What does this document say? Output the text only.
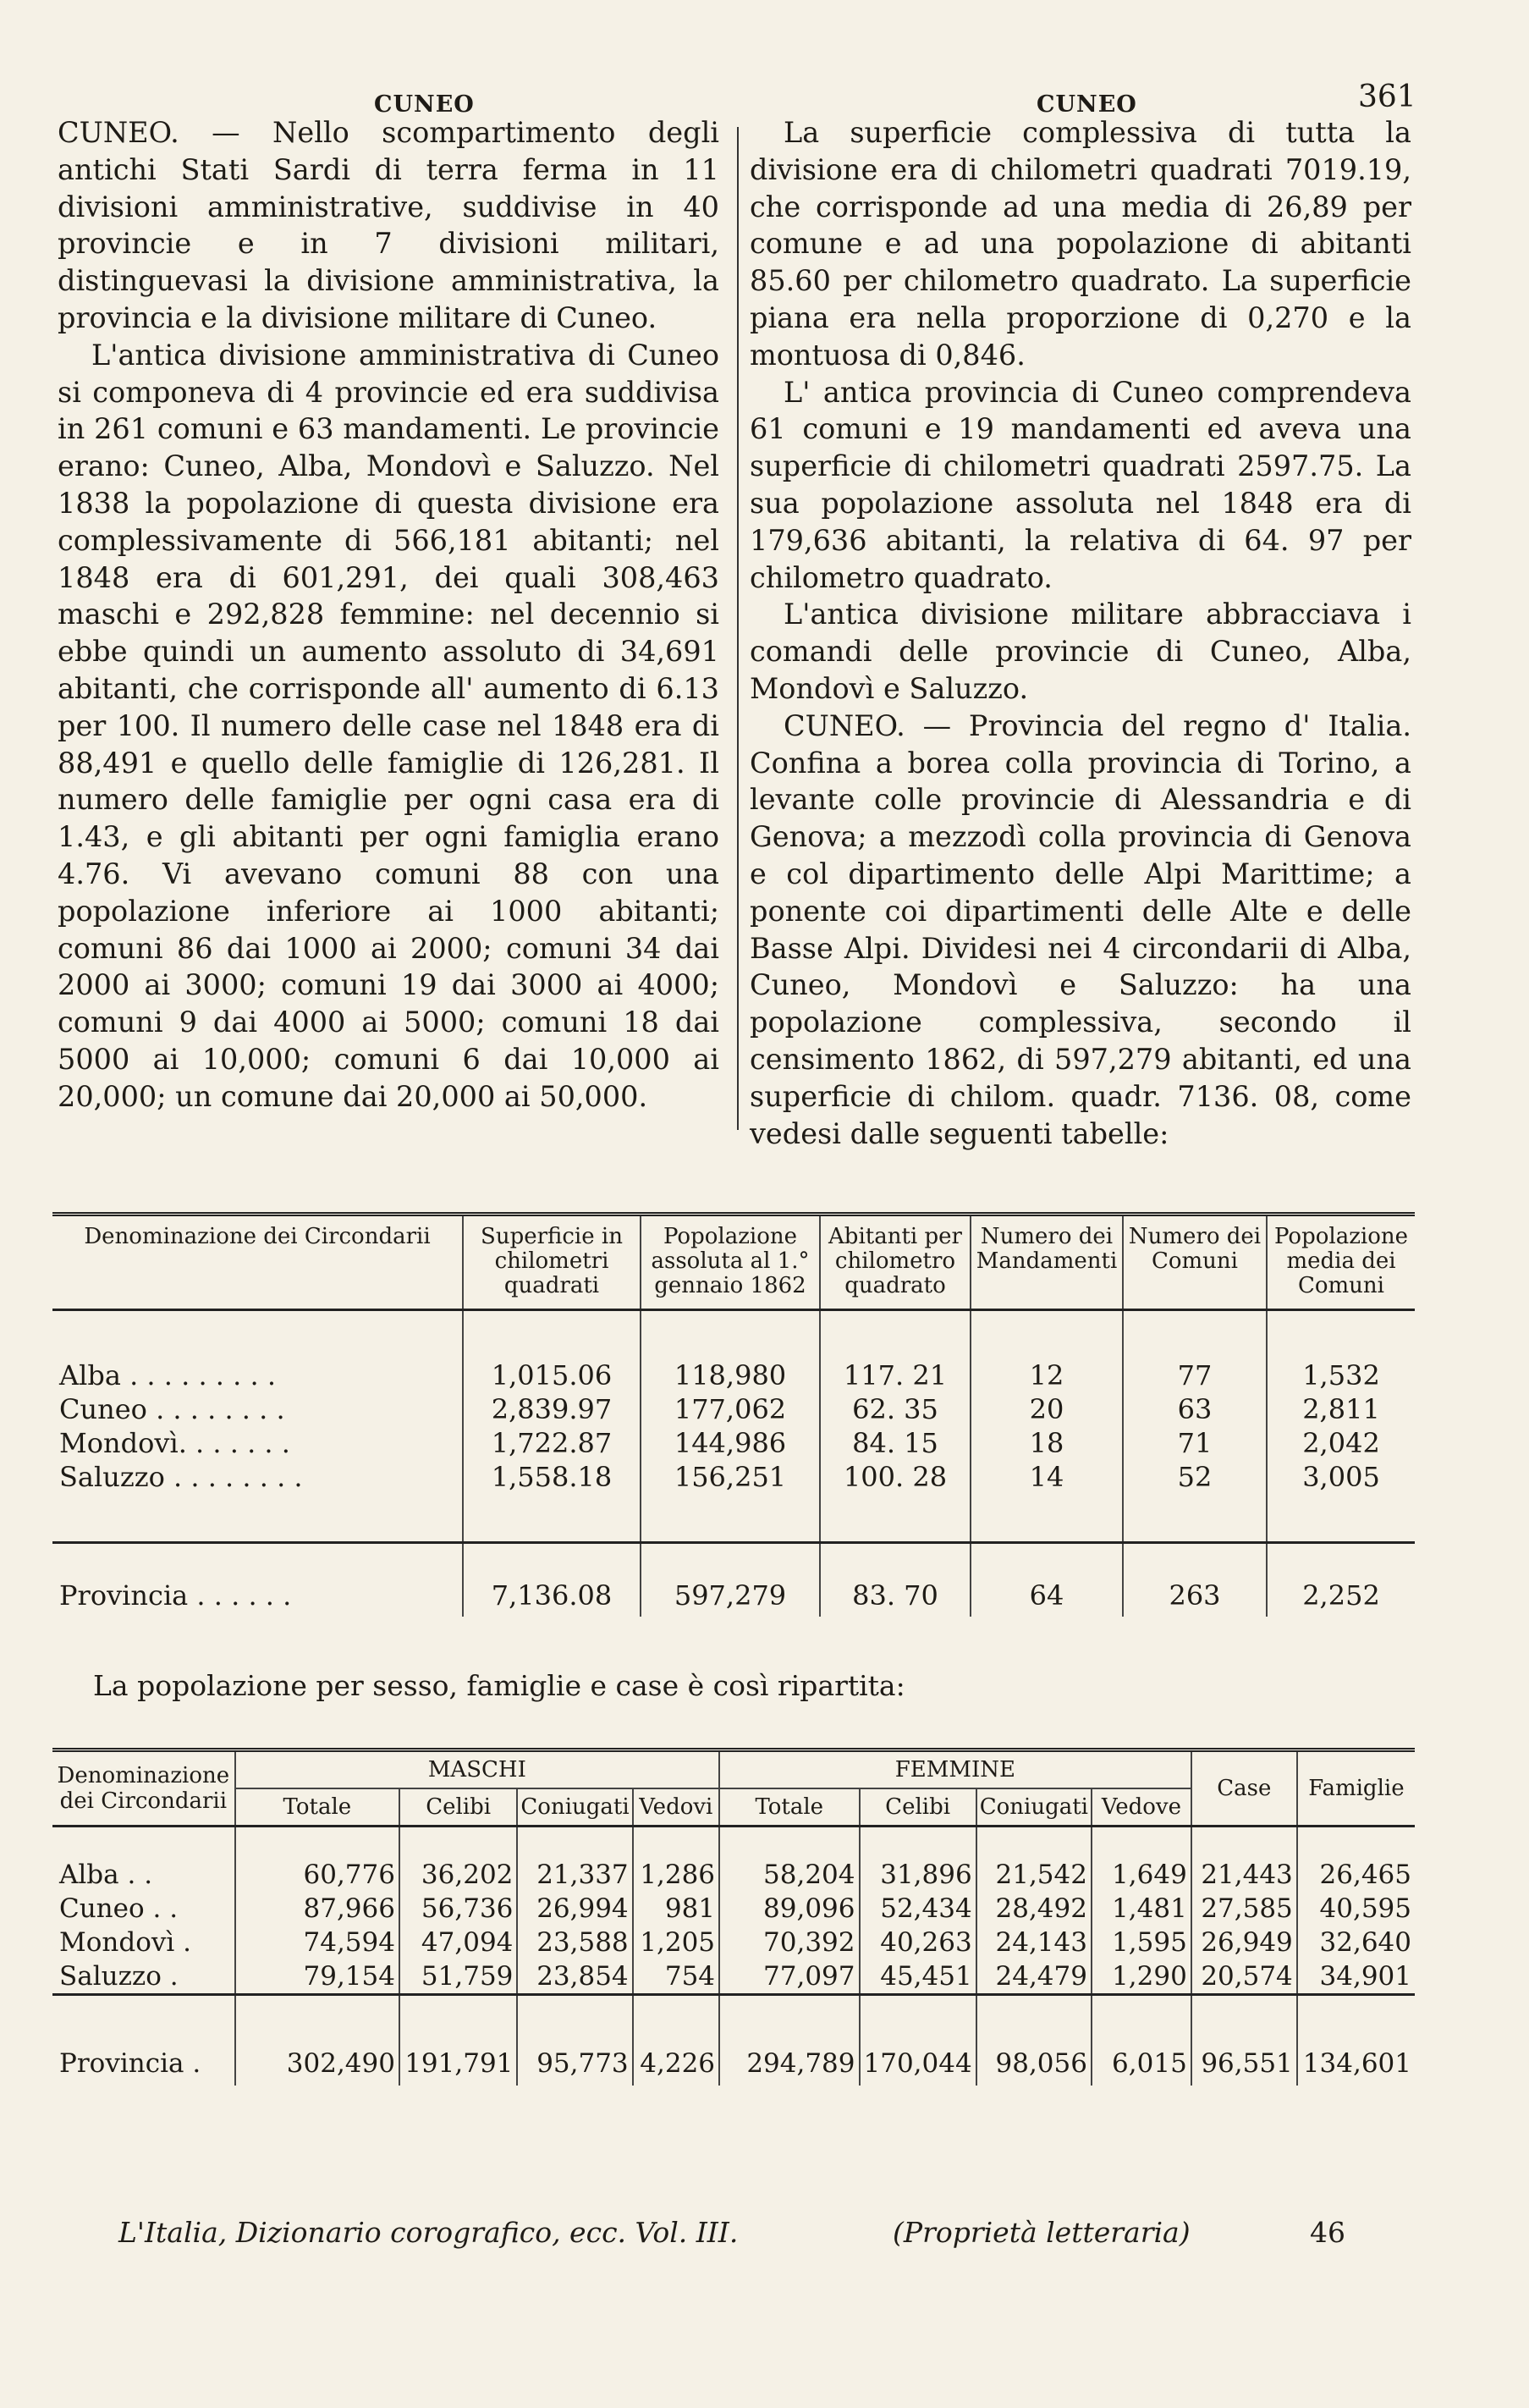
CUNEO	CUNEO	361

CUNEO. — Nello scompartimento degli antichi Stati Sardi di terra ferma in 11 divisioni amministrative, suddivise in 40 provincie e in 7 divisioni militari, distinguevasi la divisione amministrativa, la provincia e la divisione militare di Cuneo.

L'antica divisione amministrativa di Cuneo si componeva di 4 provincie ed era suddivisa in 261 comuni e 63 mandamenti. Le provincie erano: Cuneo, Alba, Mondovì e Saluzzo. Nel 1838 la popolazione di questa divisione era complessivamente di 566,181 abitanti; nel 1848 era di 601,291, dei quali 308,463 maschi e 292,828 femmine: nel decennio si ebbe quindi un aumento assoluto di 34,691 abitanti, che corrisponde all' aumento di 6.13 per 100. Il numero delle case nel 1848 era di 88,491 e quello delle famiglie di 126,281. Il numero delle famiglie per ogni casa era di 1.43, e gli abitanti per ogni famiglia erano 4.76. Vi avevano comuni 88 con una popolazione inferiore ai 1000 abitanti; comuni 86 dai 1000 ai 2000; comuni 34 dai 2000 ai 3000; comuni 19 dai 3000 ai 4000; comuni 9 dai 4000 ai 5000; comuni 18 dai 5000 ai 10,000; comuni 6 dai 10,000 ai 20,000; un comune dai 20,000 ai 50,000.

La superficie complessiva di tutta la divisione era di chilometri quadrati 7019.19, che corrisponde ad una media di 26,89 per comune e ad una popolazione di abitanti 85.60 per chilometro quadrato. La superficie piana era nella proporzione di 0,270 e la montuosa di 0,846.

L' antica provincia di Cuneo comprendeva 61 comuni e 19 mandamenti ed aveva una superficie di chilometri quadrati 2597.75. La sua popolazione assoluta nel 1848 era di 179,636 abitanti, la relativa di 64. 97 per chilometro quadrato.

L'antica divisione militare abbracciava i comandi delle provincie di Cuneo, Alba, Mondovì e Saluzzo.

CUNEO. — Provincia del regno d' Italia. Confina a borea colla provincia di Torino, a levante colle provincie di Alessandria e di Genova; a mezzodì colla provincia di Genova e col dipartimento delle Alpi Marittime; a ponente coi dipartimenti delle Alte e delle Basse Alpi. Dividesi nei 4 circondarii di Alba, Cuneo, Mondovì e Saluzzo: ha una popolazione complessiva, secondo il censimento 1862, di 597,279 abitanti, ed una superficie di chilom. quadr. 7136. 08, come vedesi dalle seguenti tabelle:

Denominazione dei Circondarii	Superficie in chilometri quadrati	Popolazione assoluta al 1.° gennaio 1862	Abitanti per chilometro quadrato	Numero dei Mandamenti	Numero dei Comuni	Popolazione media dei Comuni

Alba . . . . . . . . .	1,015.06	118,980	117. 21	12	77	1,532
Cuneo . . . . . . . .	2,839.97	177,062	62. 35	20	63	2,811
Mondovì. . . . . . .	1,722.87	144,986	84. 15	18	71	2,042
Saluzzo . . . . . . . .	1,558.18	156,251	100. 28	14	52	3,005

Provincia . . . . . .	7,136.08	597,279	83. 70	64	263	2,252
La popolazione per sesso, famiglie e case è così ripartita:
Denominazione dei Circondarii	MASCHI				FEMMINE				Case	Famiglie
	Totale	Celibi	Coniugati	Vedovi	Totale	Celibi	Coniugati	Vedove		

Alba . .	60,776	36,202	21,337	1,286	58,204	31,896	21,542	1,649	21,443	26,465
Cuneo . .	87,966	56,736	26,994	981	89,096	52,434	28,492	1,481	27,585	40,595
Mondovì .	74,594	47,094	23,588	1,205	70,392	40,263	24,143	1,595	26,949	32,640
Saluzzo .	79,154	51,759	23,854	754	77,097	45,451	24,479	1,290	20,574	34,901

Provincia .	302,490	191,791	95,773	4,226	294,789	170,044	98,056	6,015	96,551	134,601
L'Italia, Dizionario corografico, ecc. Vol. III.	(Proprietà letteraria)	46
